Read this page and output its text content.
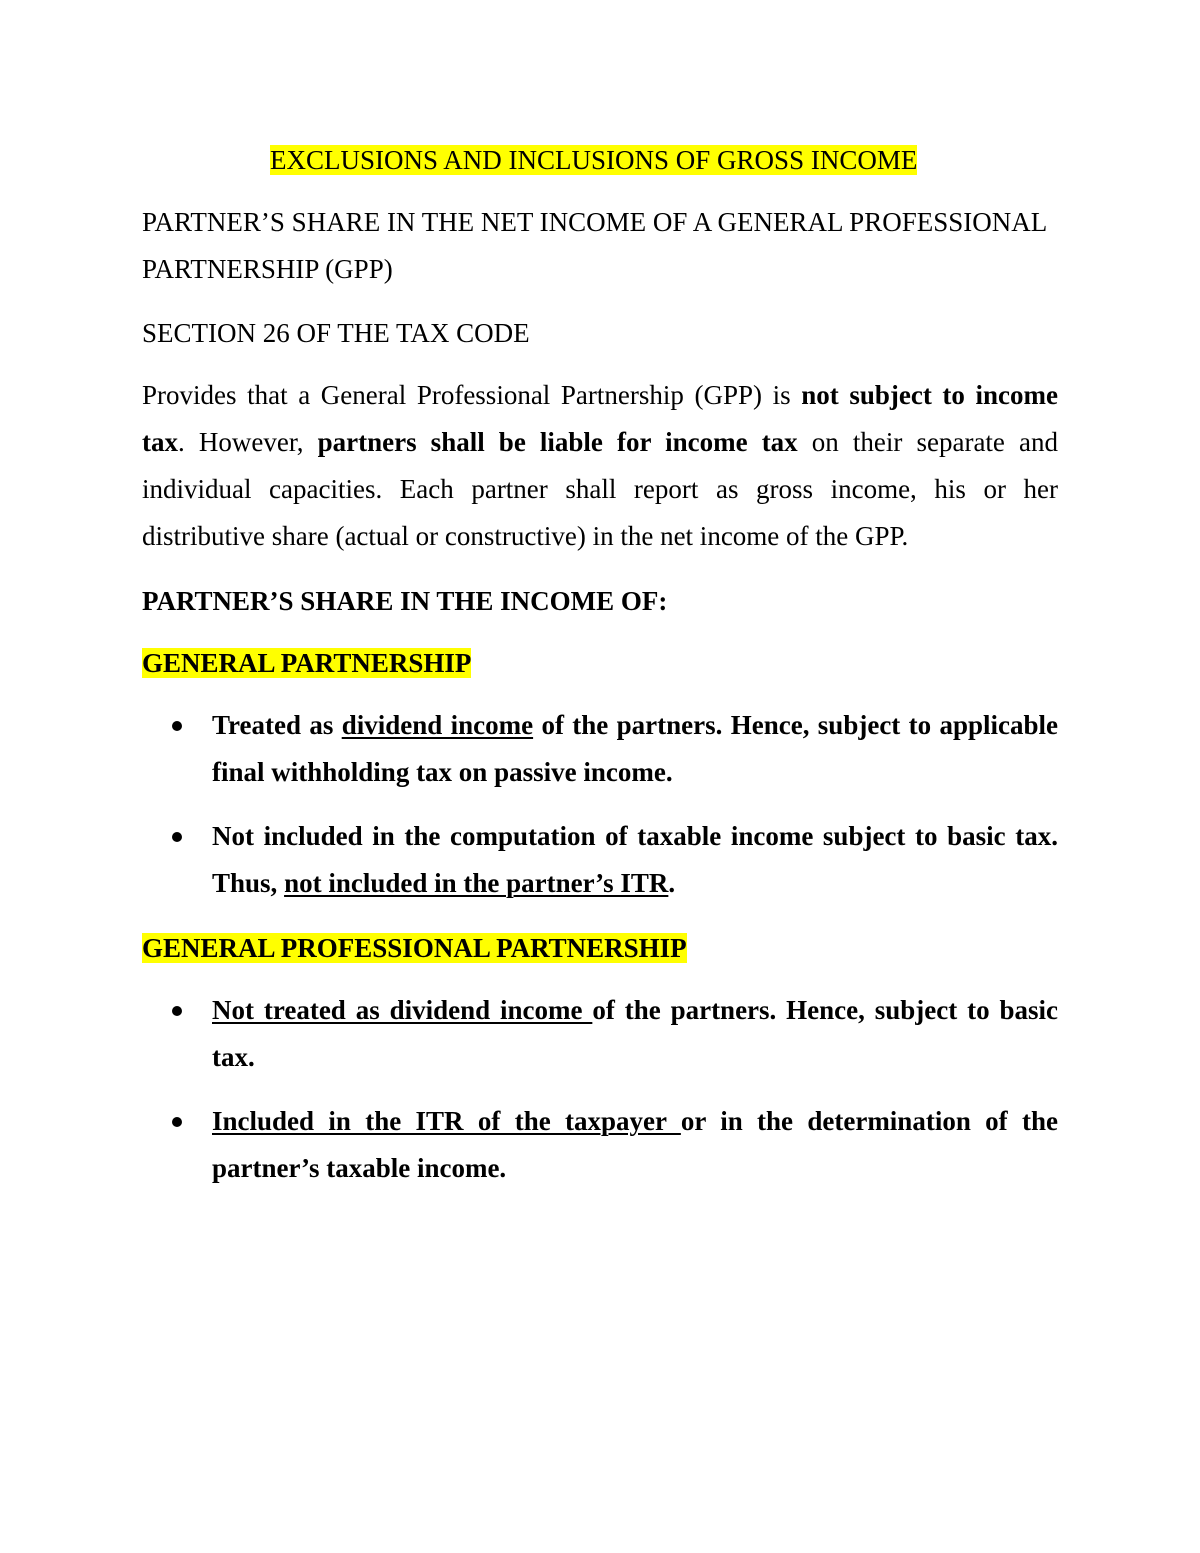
EXCLUSIONS AND INCLUSIONS OF GROSS INCOME
PARTNER’S SHARE IN THE NET INCOME OF A GENERAL PROFESSIONAL
PARTNERSHIP (GPP)
SECTION 26 OF THE TAX CODE
Provides that a General Professional Partnership (GPP) is not subject to income tax. However, partners shall be liable for income tax on their separate and individual capacities. Each partner shall report as gross income, his or her distributive share (actual or constructive) in the net income of the GPP.
PARTNER’S SHARE IN THE INCOME OF:
GENERAL PARTNERSHIP
Treated as dividend income of the partners. Hence, subject to applicable final withholding tax on passive income.
Not included in the computation of taxable income subject to basic tax. Thus, not included in the partner’s ITR.
GENERAL PROFESSIONAL PARTNERSHIP
Not treated as dividend income of the partners. Hence, subject to basic tax.
Included in the ITR of the taxpayer or in the determination of the partner’s taxable income.
